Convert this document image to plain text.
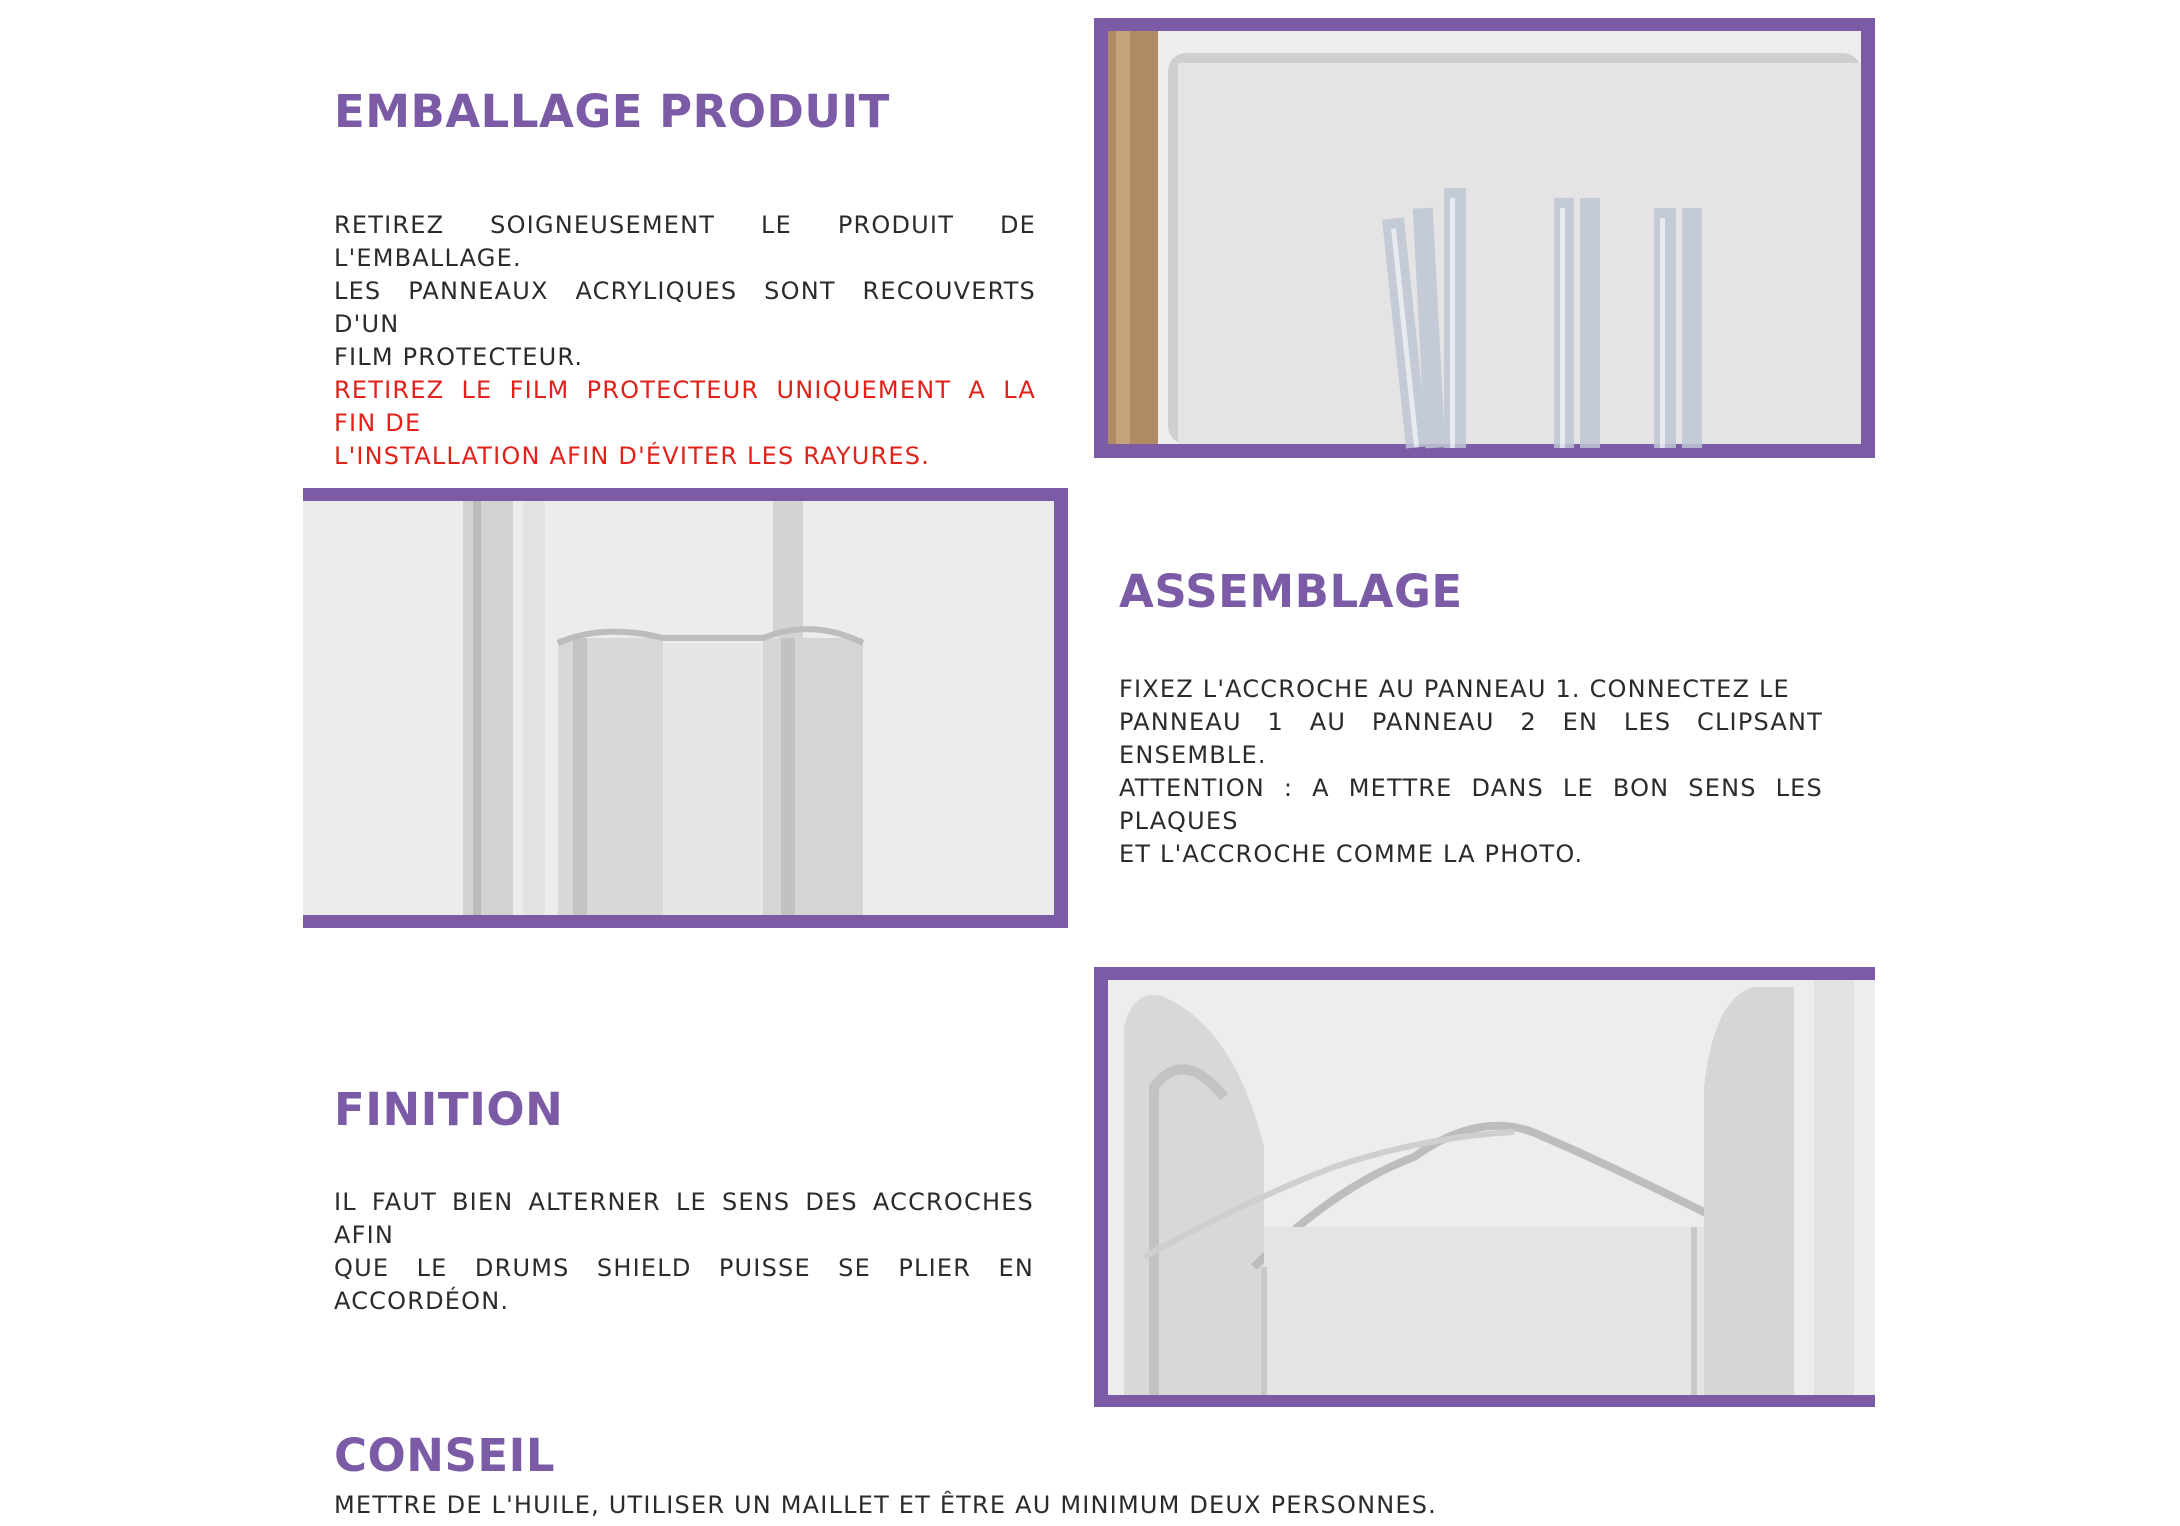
EMBALLAGE PRODUIT
RETIREZ SOIGNEUSEMENT LE PRODUIT DE L'EMBALLAGE.
LES PANNEAUX ACRYLIQUES SONT RECOUVERTS D'UN
FILM PROTECTEUR.
RETIREZ LE FILM PROTECTEUR UNIQUEMENT A LA FIN DE
L'INSTALLATION AFIN D'ÉVITER LES RAYURES.
ASSEMBLAGE
FIXEZ L'ACCROCHE AU PANNEAU 1. CONNECTEZ LE
PANNEAU 1 AU PANNEAU 2 EN LES CLIPSANT ENSEMBLE.
ATTENTION : A METTRE DANS LE BON SENS LES PLAQUES
ET L'ACCROCHE COMME LA PHOTO.
FINITION
IL FAUT BIEN ALTERNER LE SENS DES ACCROCHES AFIN
QUE LE DRUMS SHIELD PUISSE SE PLIER EN ACCORDÉON.
CONSEIL
METTRE DE L'HUILE, UTILISER UN MAILLET ET ÊTRE AU MINIMUM DEUX PERSONNES.
